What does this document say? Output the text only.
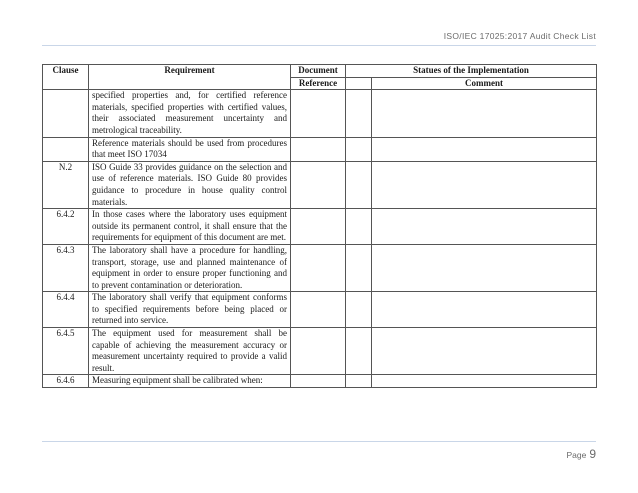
ISO/IEC 17025:2017 Audit Check List
Clause	Requirement	Document	Statues of the Implementation	
		Reference		Comment
	specified properties and, for certified reference materials, specified properties with certified values, their associated measurement uncertainty and metrological traceability.			
	Reference materials should be used from procedures that meet ISO 17034			
N.2	ISO Guide 33 provides guidance on the selection and use of reference materials. ISO Guide 80 provides guidance to procedure in house quality control materials.			
6.4.2	In those cases where the laboratory uses equipment outside its permanent control, it shall ensure that the requirements for equipment of this document are met.			
6.4.3	The laboratory shall have a procedure for handling, transport, storage, use and planned maintenance of equipment in order to ensure proper functioning and to prevent contamination or deterioration.			
6.4.4	The laboratory shall verify that equipment conforms to specified requirements before being placed or returned into service.			
6.4.5	The equipment used for measurement shall be capable of achieving the measurement accuracy or measurement uncertainty required to provide a valid result.			
6.4.6	Measuring equipment shall be calibrated when:			
Page 9
